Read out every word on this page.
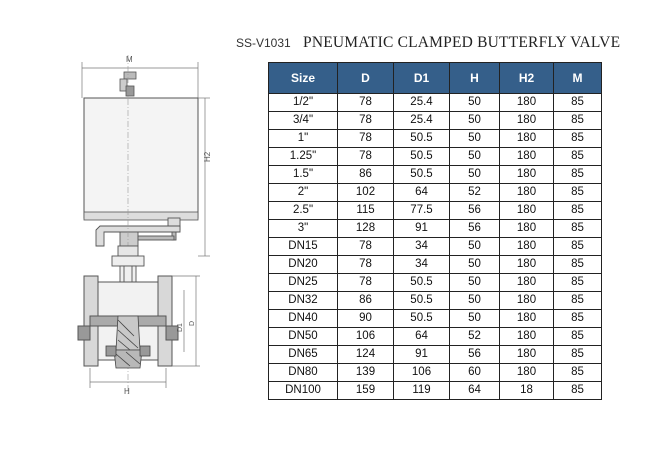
SS-V1031 PNEUMATIC CLAMPED BUTTERFLY VALVE
M
H2
D1 D
H
Size	D	D1	H	H2	M
1/2"	78	25.4	50	180	85
3/4"	78	25.4	50	180	85
1"	78	50.5	50	180	85
1.25"	78	50.5	50	180	85
1.5"	86	50.5	50	180	85
2"	102	64	52	180	85
2.5"	115	77.5	56	180	85
3"	128	91	56	180	85
DN15	78	34	50	180	85
DN20	78	34	50	180	85
DN25	78	50.5	50	180	85
DN32	86	50.5	50	180	85
DN40	90	50.5	50	180	85
DN50	106	64	52	180	85
DN65	124	91	56	180	85
DN80	139	106	60	180	85
DN100	159	119	64	18	85
